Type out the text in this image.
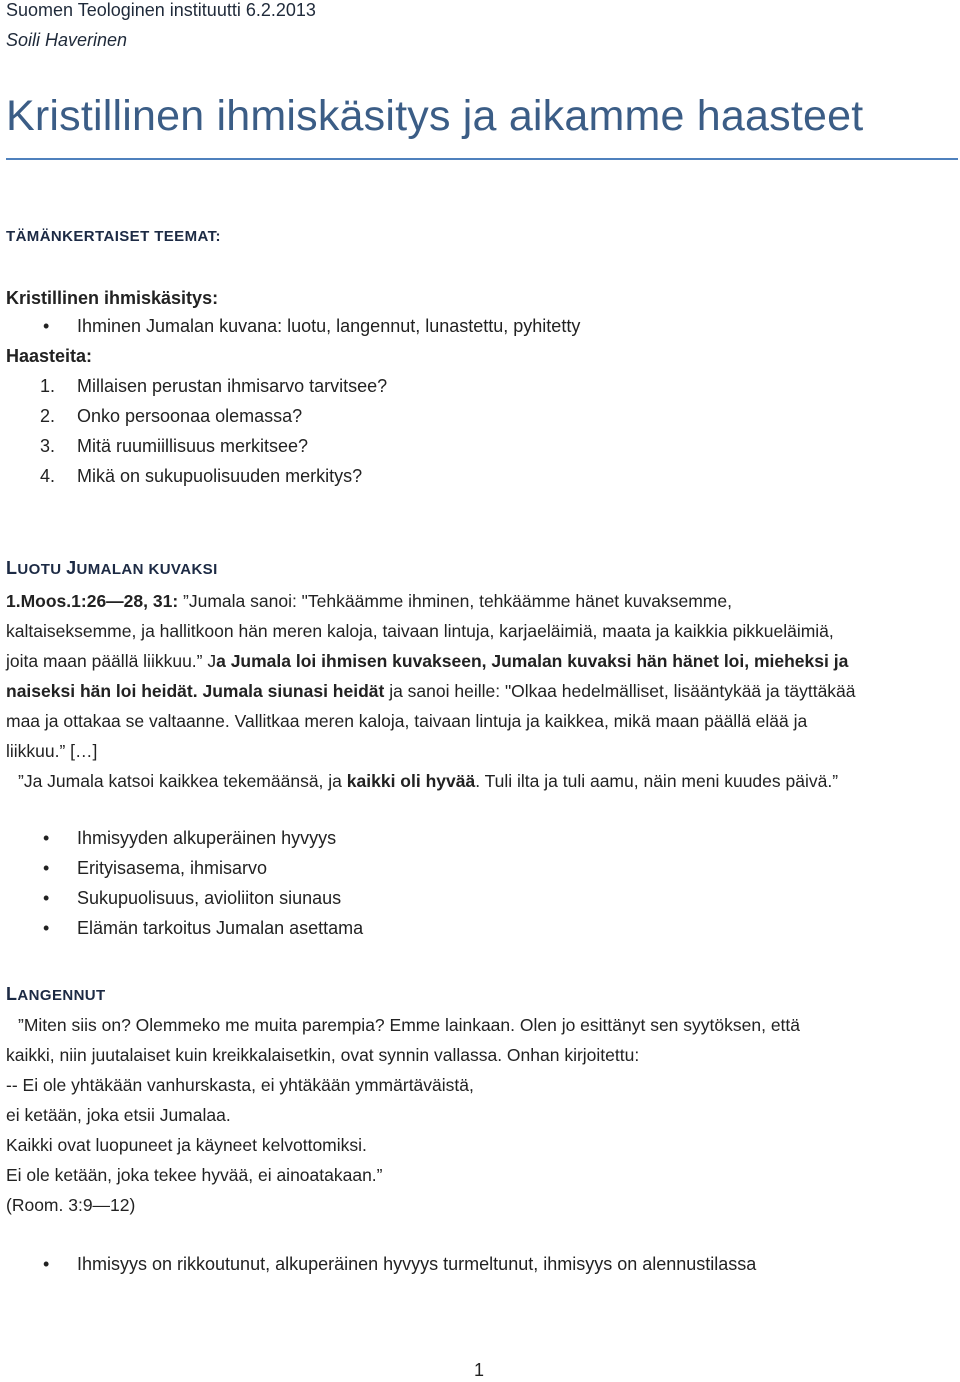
Suomen Teologinen instituutti 6.2.2013
Soili Haverinen
Kristillinen ihmiskäsitys ja aikamme haasteet
TÄMÄNKERTAISET TEEMAT:
Kristillinen ihmiskäsitys:
• Ihminen Jumalan kuvana: luotu, langennut, lunastettu, pyhitetty
Haasteita:
1. Millaisen perustan ihmisarvo tarvitsee?
2. Onko persoonaa olemassa?
3. Mitä ruumiillisuus merkitsee?
4. Mikä on sukupuolisuuden merkitys?
LUOTU JUMALAN KUVAKSI
1.Moos.1:26—28, 31: ”Jumala sanoi: "Tehkäämme ihminen, tehkäämme hänet kuvaksemme,
kaltaiseksemme, ja hallitkoon hän meren kaloja, taivaan lintuja, karjaeläimiä, maata ja kaikkia pikkueläimiä,
joita maan päällä liikkuu.” Ja Jumala loi ihmisen kuvakseen, Jumalan kuvaksi hän hänet loi, mieheksi ja
naiseksi hän loi heidät. Jumala siunasi heidät ja sanoi heille: "Olkaa hedelmälliset, lisääntykää ja täyttäkää
maa ja ottakaa se valtaanne. Vallitkaa meren kaloja, taivaan lintuja ja kaikkea, mikä maan päällä elää ja
liikkuu.” […]
”Ja Jumala katsoi kaikkea tekemäänsä, ja kaikki oli hyvää. Tuli ilta ja tuli aamu, näin meni kuudes päivä.”
• Ihmisyyden alkuperäinen hyvyys
• Erityisasema, ihmisarvo
• Sukupuolisuus, avioliiton siunaus
• Elämän tarkoitus Jumalan asettama
LANGENNUT
”Miten siis on? Olemmeko me muita parempia? Emme lainkaan. Olen jo esittänyt sen syytöksen, että
kaikki, niin juutalaiset kuin kreikkalaisetkin, ovat synnin vallassa. Onhan kirjoitettu:
-- Ei ole yhtäkään vanhurskasta, ei yhtäkään ymmärtäväistä,
ei ketään, joka etsii Jumalaa.
Kaikki ovat luopuneet ja käyneet kelvottomiksi.
Ei ole ketään, joka tekee hyvää, ei ainoatakaan.”
(Room. 3:9—12)
• Ihmisyys on rikkoutunut, alkuperäinen hyvyys turmeltunut, ihmisyys on alennustilassa
1
